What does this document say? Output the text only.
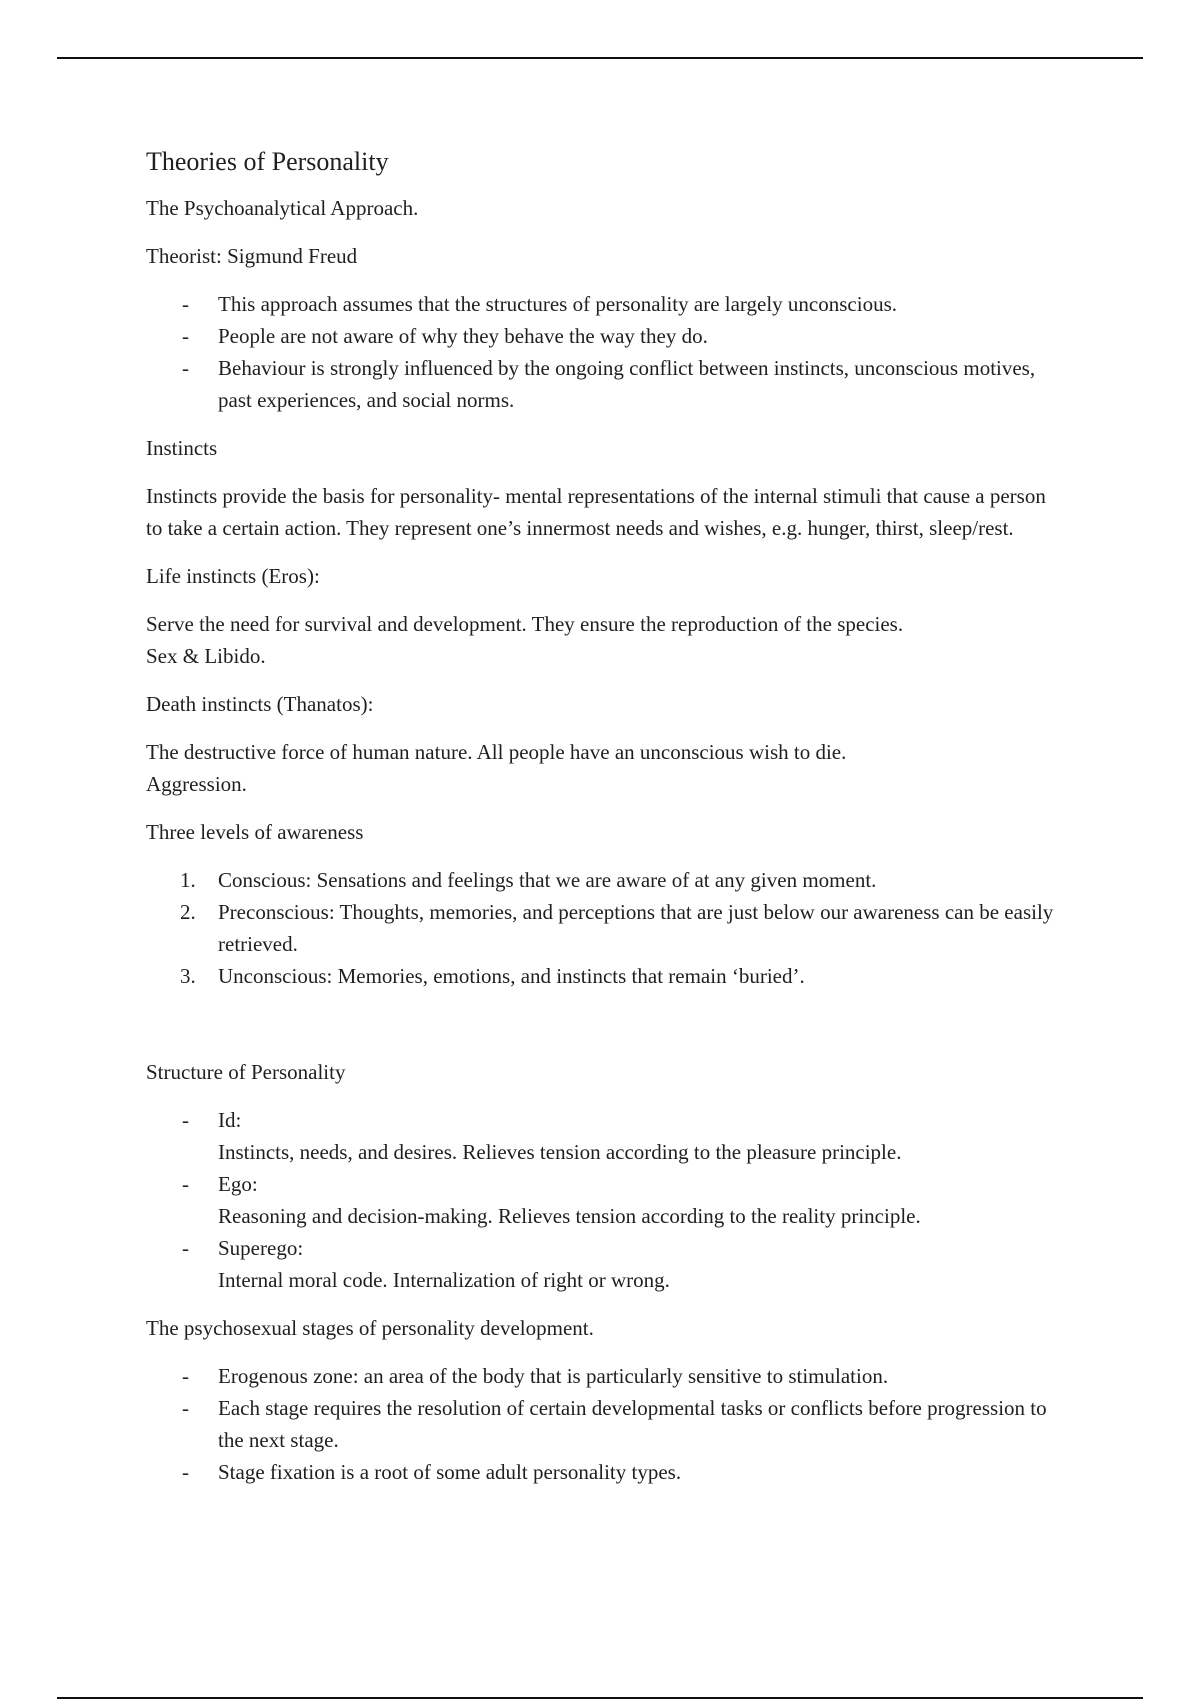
Theories of Personality

The Psychoanalytical Approach.

Theorist: Sigmund Freud

- This approach assumes that the structures of personality are largely unconscious.
- People are not aware of why they behave the way they do.
- Behaviour is strongly influenced by the ongoing conflict between instincts, unconscious motives, past experiences, and social norms.

Instincts

Instincts provide the basis for personality- mental representations of the internal stimuli that cause a person to take a certain action. They represent one’s innermost needs and wishes, e.g. hunger, thirst, sleep/rest.

Life instincts (Eros):

Serve the need for survival and development. They ensure the reproduction of the species.
Sex & Libido.

Death instincts (Thanatos):

The destructive force of human nature. All people have an unconscious wish to die.
Aggression.

Three levels of awareness

1. Conscious: Sensations and feelings that we are aware of at any given moment.
2. Preconscious: Thoughts, memories, and perceptions that are just below our awareness can be easily retrieved.
3. Unconscious: Memories, emotions, and instincts that remain ‘buried’.

Structure of Personality

- Id:
Instincts, needs, and desires. Relieves tension according to the pleasure principle.
- Ego:
Reasoning and decision-making. Relieves tension according to the reality principle.
- Superego:
Internal moral code. Internalization of right or wrong.

The psychosexual stages of personality development.

- Erogenous zone: an area of the body that is particularly sensitive to stimulation.
- Each stage requires the resolution of certain developmental tasks or conflicts before progression to the next stage.
- Stage fixation is a root of some adult personality types.
